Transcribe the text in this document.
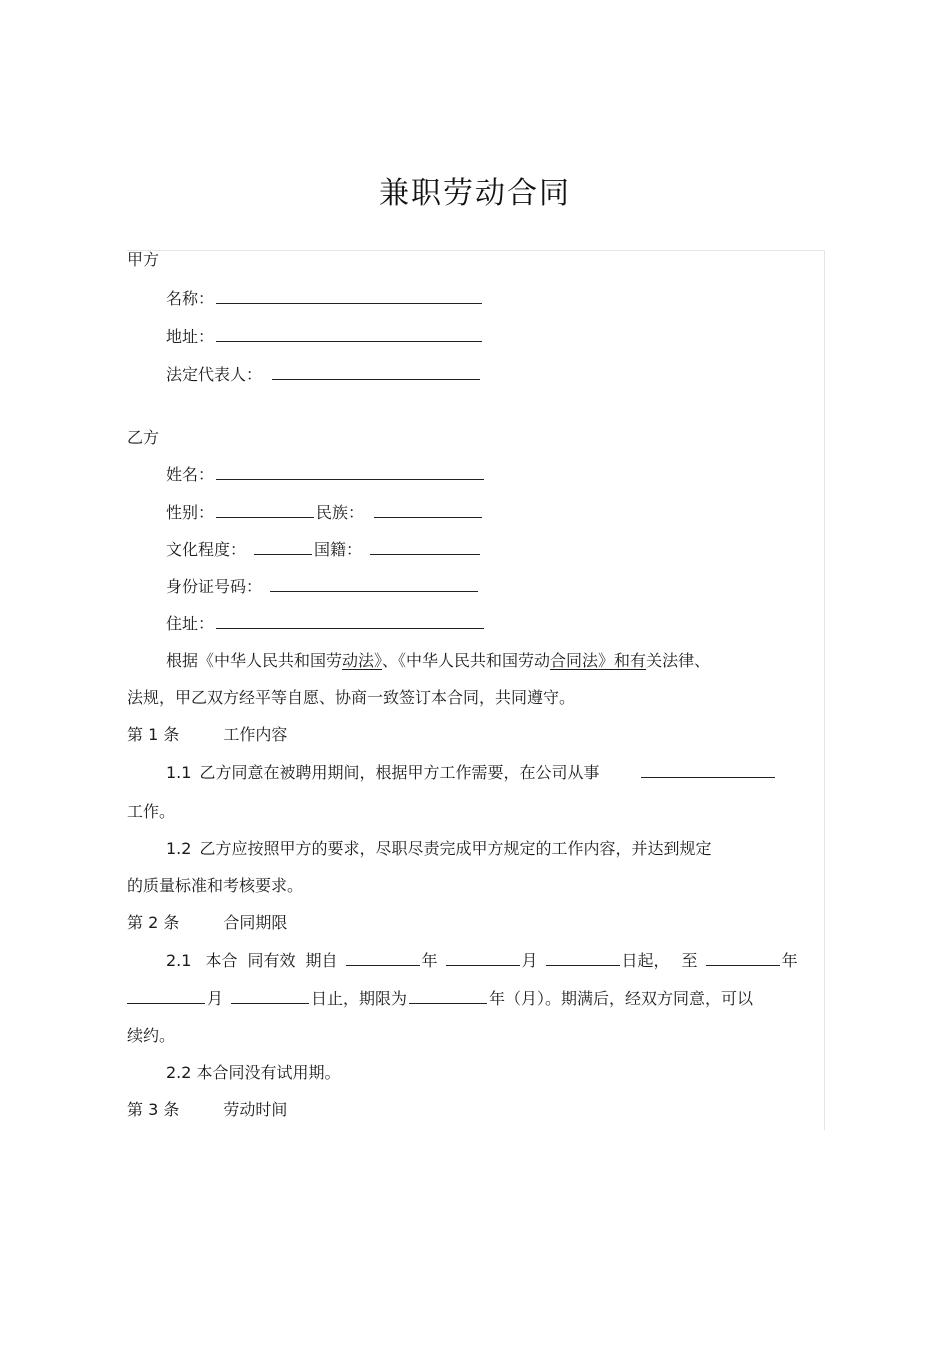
兼职劳动合同
甲方
名称：
地址：
法定代表人：
乙方
姓名：
性别：	民族：
文化程度：	国籍：
身份证号码：
住址：
根据《中华人民共和国劳动法》、《中华人民共和国劳动合同法》和有关法律、
法规，甲乙双方经平等自愿、协商一致签订本合同，共同遵守。
第 1 条	工作内容
1.1 乙方同意在被聘用期间，根据甲方工作需要，在公司从事
工作。
1.2 乙方应按照甲方的要求，尽职尽责完成甲方规定的工作内容，并达到规定
的质量标准和考核要求。
第 2 条	合同期限
2.1 本合 同有效 期自	年	月	日起， 至	年
月	日止，期限为	年（月）。期满后，经双方同意，可以
续约。
2.2 本合同没有试用期。
第 3 条	劳动时间
